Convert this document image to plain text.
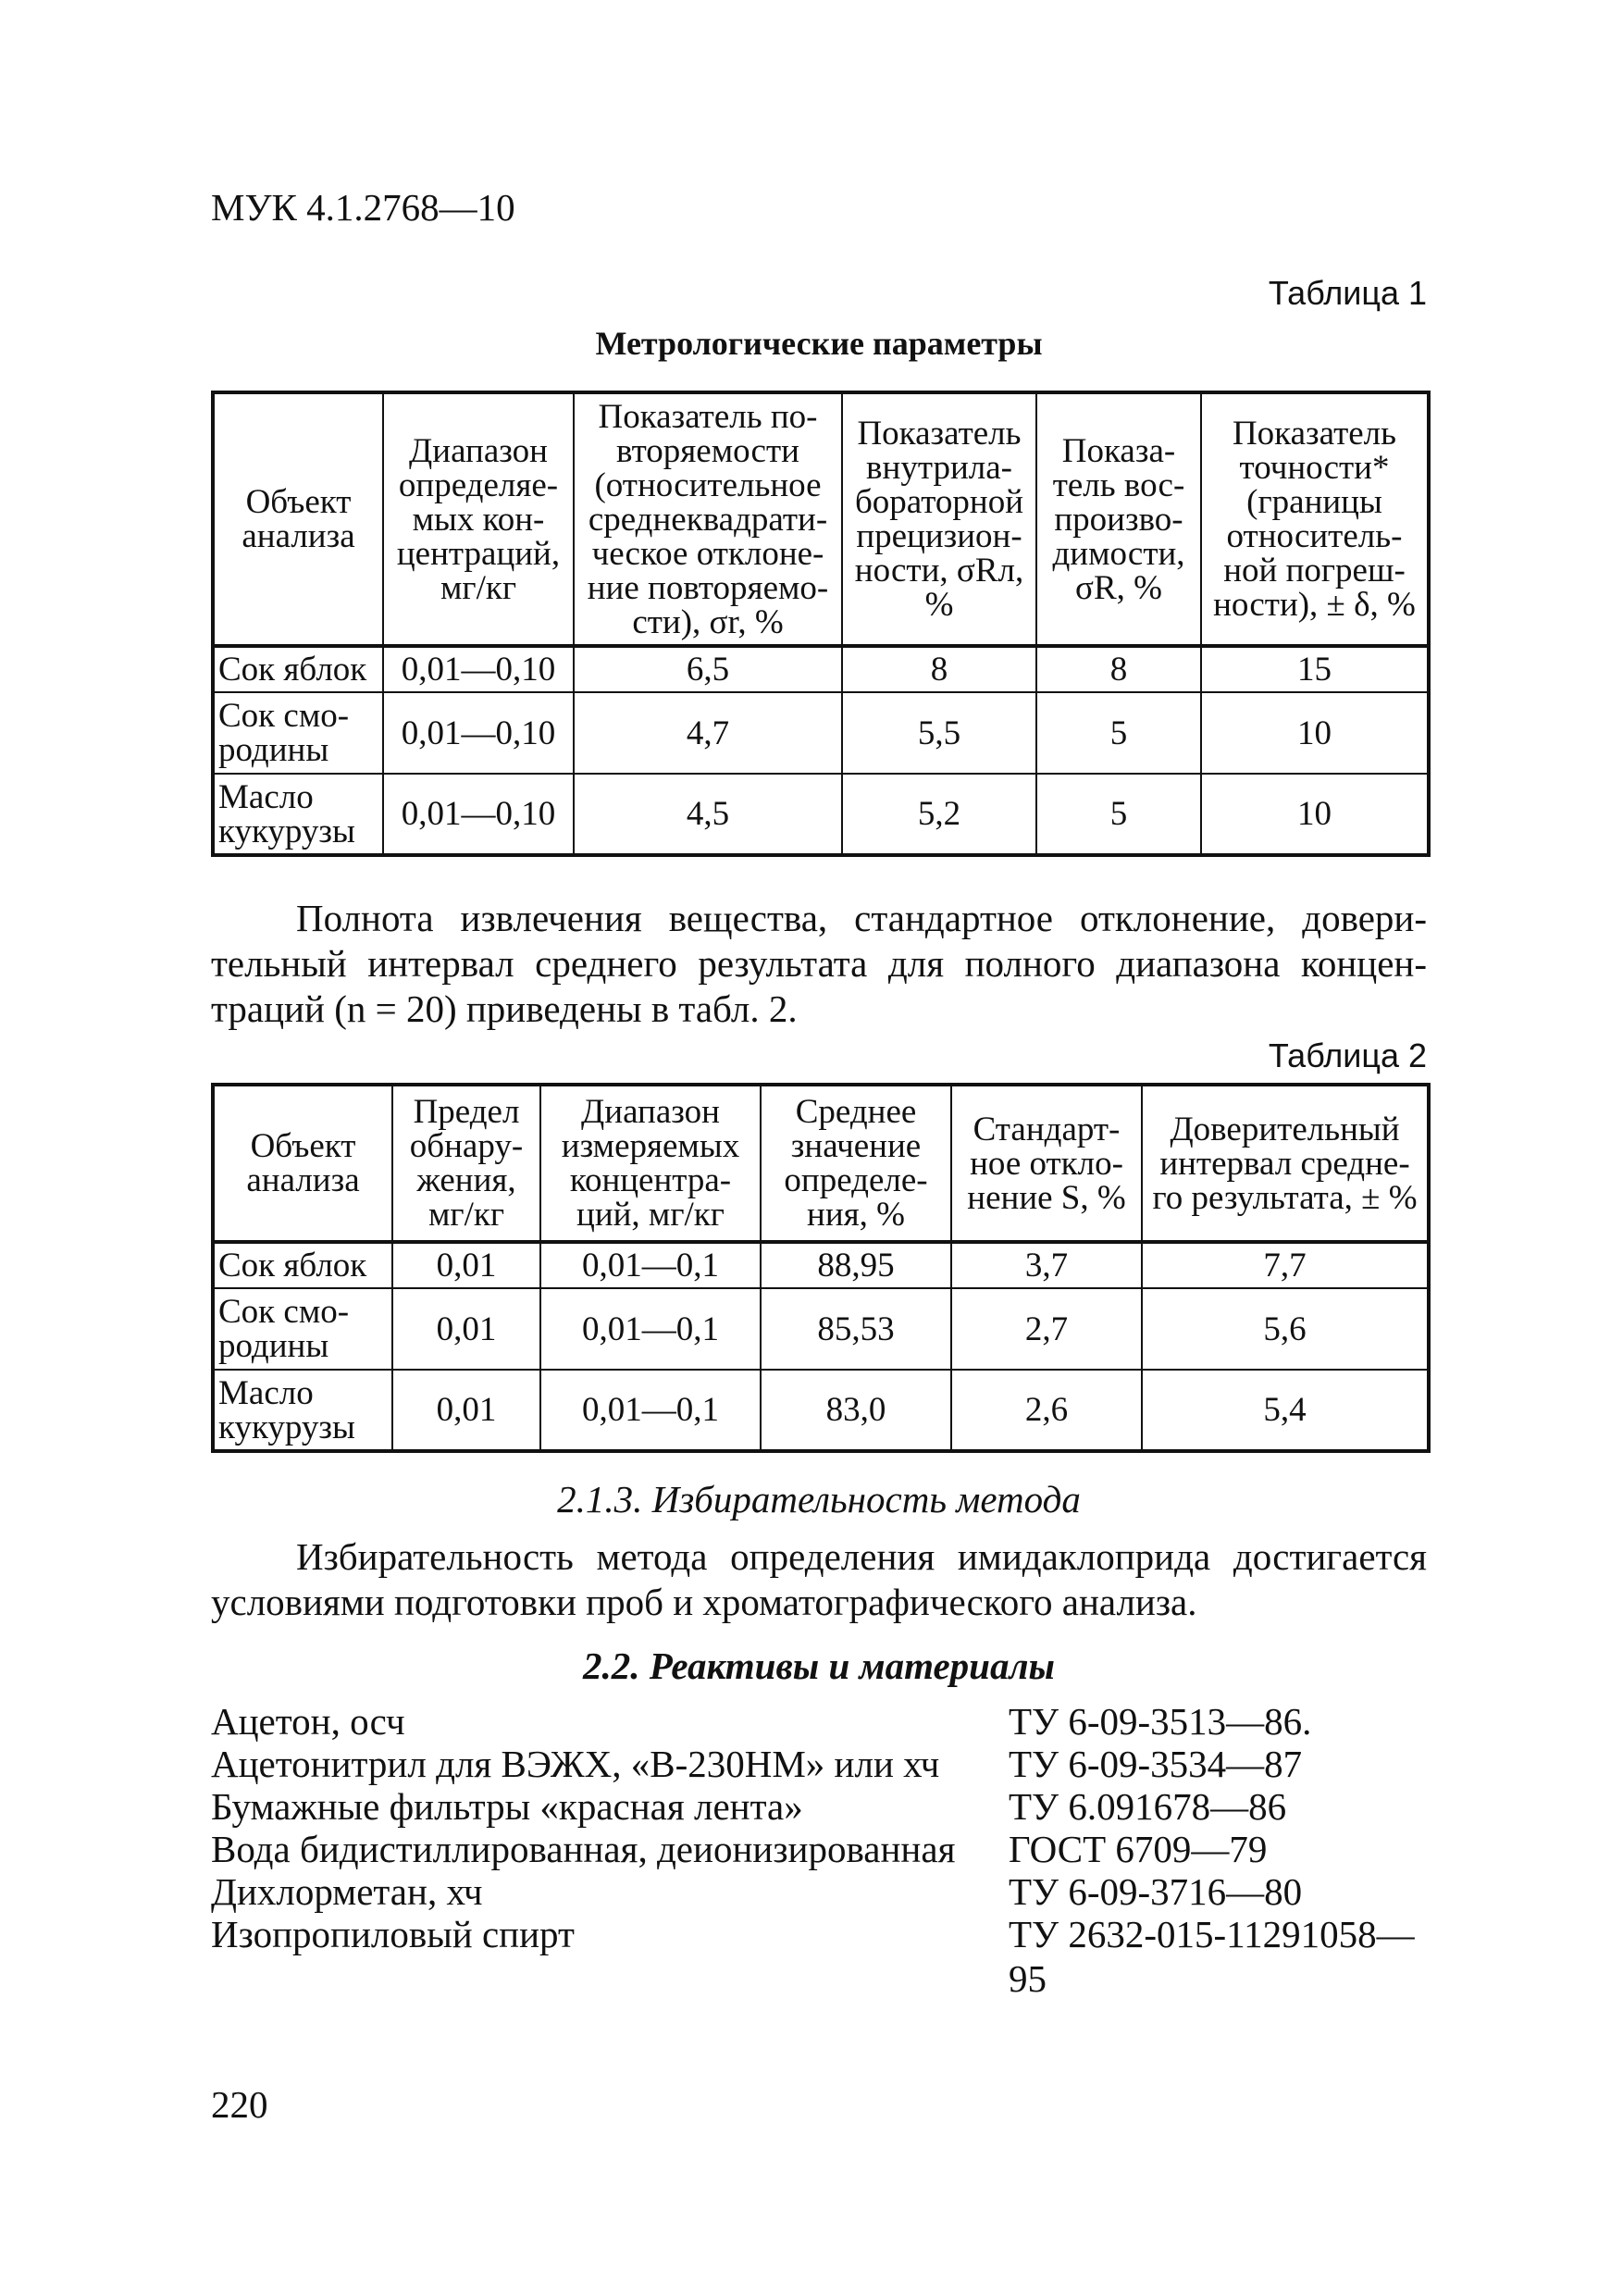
МУК 4.1.2768—10
Таблица 1
Метрологические параметры
Объект анализа	Диапазон определяе-мых кон-центраций, мг/кг	Показатель по-вторяемости (относительное среднеквадрати-ческое отклоне-ние повторяемо-сти), σr, %	Показатель внутрила-бораторной прецизион-ности, σRл, %	Показа-тель вос-произво-димости, σR, %	Показатель точности* (границы относитель-ной погреш-ности), ± δ, %
Сок яблок	0,01—0,10	6,5	8	8	15
Сок смо-родины	0,01—0,10	4,7	5,5	5	10
Масло кукурузы	0,01—0,10	4,5	5,2	5	10
Полнота извлечения вещества, стандартное отклонение, довери-тельный интервал среднего результата для полного диапазона концен-траций (n = 20) приведены в табл. 2.
Таблица 2
Объект анализа	Предел обнару-жения, мг/кг	Диапазон измеряемых концентра-ций, мг/кг	Среднее значение определе-ния, %	Стандарт-ное откло-нение S, %	Доверительный интервал средне-го результата, ± %
Сок яблок	0,01	0,01—0,1	88,95	3,7	7,7
Сок смо-родины	0,01	0,01—0,1	85,53	2,7	5,6
Масло кукурузы	0,01	0,01—0,1	83,0	2,6	5,4
2.1.3. Избирательность метода
Избирательность метода определения имидаклоприда достигается условиями подготовки проб и хроматографического анализа.
2.2. Реактивы и материалы
Ацетон, осч	ТУ 6-09-3513—86.
Ацетонитрил для ВЭЖХ, «В-230НМ» или хч ТУ 6-09-3534—87
Бумажные фильтры «красная лента»	ТУ 6.091678—86
Вода бидистиллированная, деионизированная ГОСТ 6709—79
Дихлорметан, хч	ТУ 6-09-3716—80
Изопропиловый спирт	ТУ 2632-015-11291058—95
220
